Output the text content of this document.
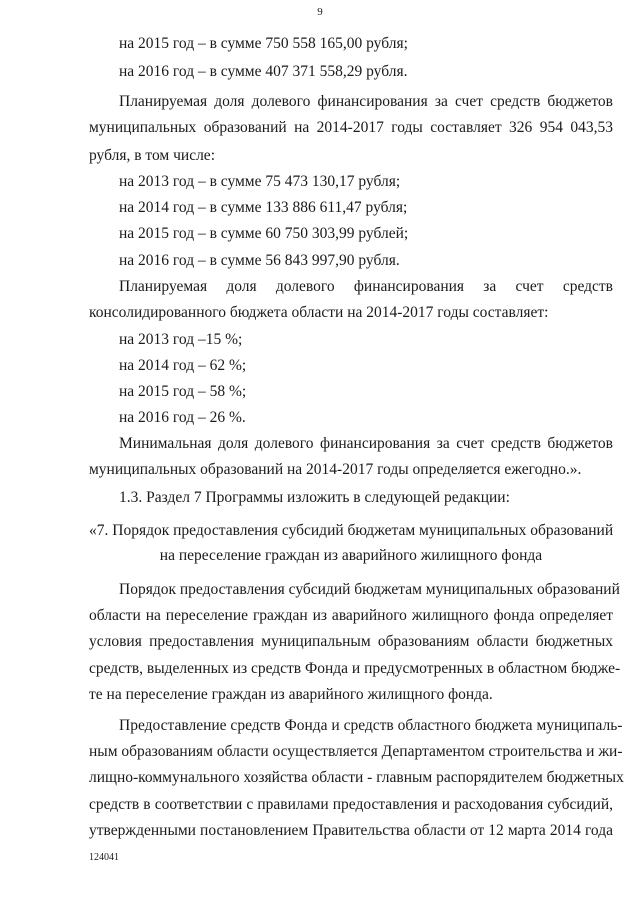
9
на 2015 год – в сумме 750 558 165,00 рубля;
на 2016 год – в сумме 407 371 558,29 рубля.
Планируемая доля долевого финансирования за счет средств бюджетов
муниципальных образований на 2014-2017 годы составляет 326 954 043,53
рубля, в том числе:
на 2013 год – в сумме 75 473 130,17 рубля;
на 2014 год – в сумме 133 886 611,47 рубля;
на 2015 год – в сумме 60 750 303,99 рублей;
на 2016 год – в сумме 56 843 997,90 рубля.
Планируемая доля долевого финансирования за счет средств
консолидированного бюджета области на 2014-2017 годы составляет:
на 2013 год –15 %;
на 2014 год – 62 %;
на 2015 год – 58 %;
на 2016 год – 26 %.
Минимальная доля долевого финансирования за счет средств бюджетов
муниципальных образований на 2014-2017 годы определяется ежегодно.».
1.3. Раздел 7 Программы изложить в следующей редакции:
«7. Порядок предоставления субсидий бюджетам муниципальных образований
на переселение граждан из аварийного жилищного фонда
Порядок предоставления субсидий бюджетам муниципальных образований
области на переселение граждан из аварийного жилищного фонда определяет
условия предоставления муниципальным образованиям области бюджетных
средств, выделенных из средств Фонда и предусмотренных в областном бюдже-
те на переселение граждан из аварийного жилищного фонда.
Предоставление средств Фонда и средств областного бюджета муниципаль-
ным образованиям области осуществляется Департаментом строительства и жи-
лищно-коммунального хозяйства области - главным распорядителем бюджетных
средств в соответствии с правилами предоставления и расходования субсидий,
утвержденными постановлением Правительства области от 12 марта 2014 года
124041
